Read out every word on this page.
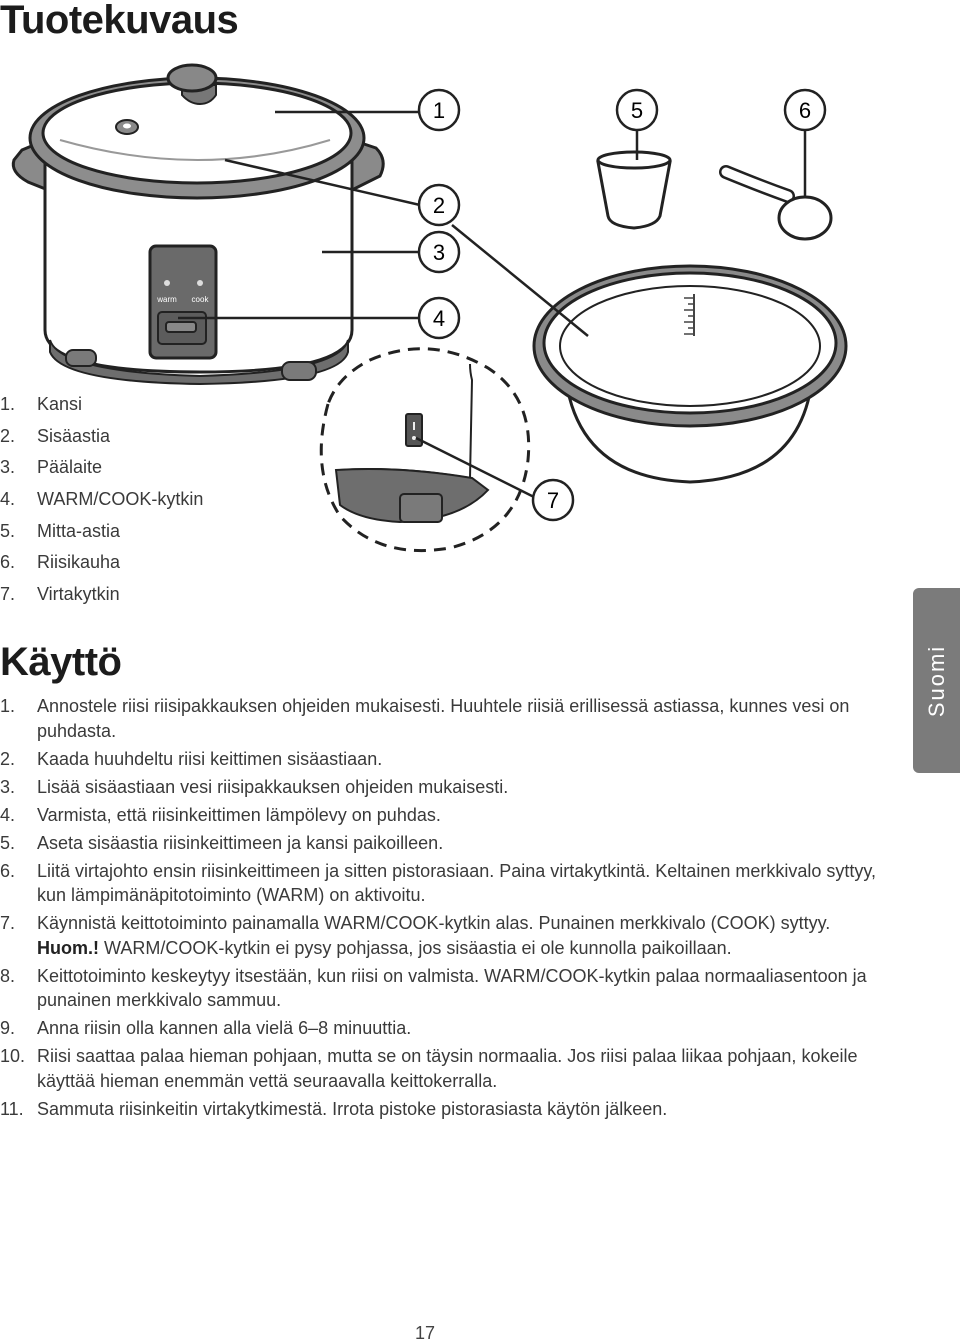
Tuotekuvaus
warm cook
1
2
3
4
5	6
7
1. Kansi
2. Sisäastia
3. Päälaite
4. WARM/COOK-kytkin
5. Mitta-astia
6. Riisikauha
7. Virtakytkin
Käyttö
1. Annostele riisi riisipakkauksen ohjeiden mukaisesti. Huuhtele riisiä erillisessä astiassa, kunnes vesi on puhdasta.
2. Kaada huuhdeltu riisi keittimen sisäastiaan.
3. Lisää sisäastiaan vesi riisipakkauksen ohjeiden mukaisesti.
4. Varmista, että riisinkeittimen lämpölevy on puhdas.
5. Aseta sisäastia riisinkeittimeen ja kansi paikoilleen.
6. Liitä virtajohto ensin riisinkeittimeen ja sitten pistorasiaan. Paina virtakytkintä. Keltainen merkkivalo syttyy, kun lämpimänäpitotoiminto (WARM) on aktivoitu.
7. Käynnistä keittotoiminto painamalla WARM/COOK-kytkin alas. Punainen merkkivalo (COOK) syttyy. Huom.! WARM/COOK-kytkin ei pysy pohjassa, jos sisäastia ei ole kunnolla paikoillaan.
8. Keittotoiminto keskeytyy itsestään, kun riisi on valmista. WARM/COOK-kytkin palaa normaaliasentoon ja punainen merkkivalo sammuu.
9. Anna riisin olla kannen alla vielä 6–8 minuuttia.
10. Riisi saattaa palaa hieman pohjaan, mutta se on täysin normaalia. Jos riisi palaa liikaa pohjaan, kokeile käyttää hieman enemmän vettä seuraavalla keittokerralla.
11. Sammuta riisinkeitin virtakytkimestä. Irrota pistoke pistorasiasta käytön jälkeen.
Suomi
17
